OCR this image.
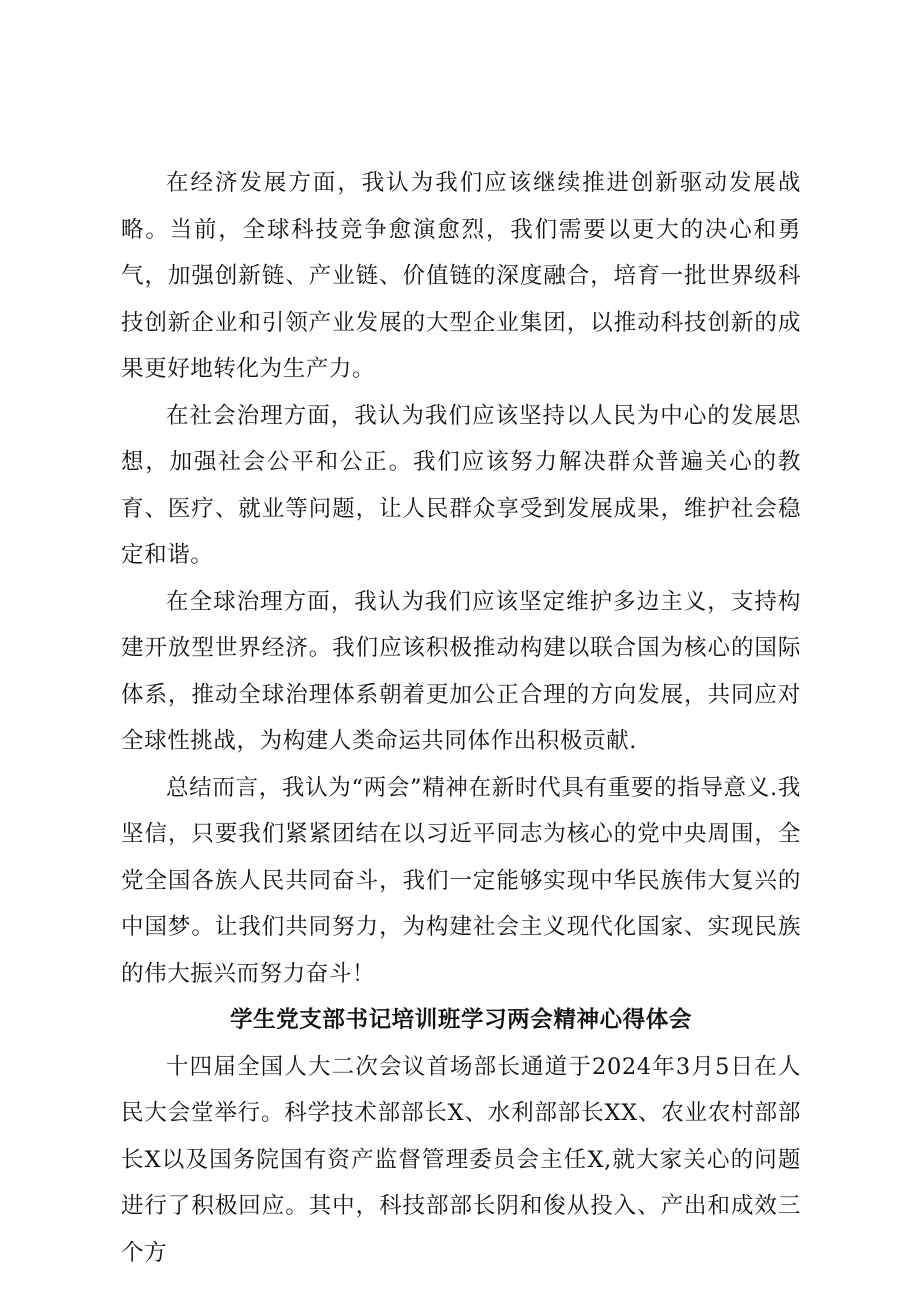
在经济发展方面，我认为我们应该继续推进创新驱动发展战略。当前，全球科技竞争愈演愈烈，我们需要以更大的决心和勇气，加强创新链、产业链、价值链的深度融合，培育一批世界级科技创新企业和引领产业发展的大型企业集团，以推动科技创新的成果更好地转化为生产力。

在社会治理方面，我认为我们应该坚持以人民为中心的发展思想，加强社会公平和公正。我们应该努力解决群众普遍关心的教育、医疗、就业等问题，让人民群众享受到发展成果，维护社会稳定和谐。

在全球治理方面，我认为我们应该坚定维护多边主义，支持构建开放型世界经济。我们应该积极推动构建以联合国为核心的国际体系，推动全球治理体系朝着更加公正合理的方向发展，共同应对全球性挑战，为构建人类命运共同体作出积极贡献.

总结而言，我认为“两会”精神在新时代具有重要的指导意义.我坚信，只要我们紧紧团结在以习近平同志为核心的党中央周围，全党全国各族人民共同奋斗，我们一定能够实现中华民族伟大复兴的中国梦。让我们共同努力，为构建社会主义现代化国家、实现民族的伟大振兴而努力奋斗！

学生党支部书记培训班学习两会精神心得体会

十四届全国人大二次会议首场部长通道于2024年3月5日在人民大会堂举行。科学技术部部长X、水利部部长XX、农业农村部部长X以及国务院国有资产监督管理委员会主任X,就大家关心的问题进行了积极回应。其中，科技部部长阴和俊从投入、产出和成效三个方
